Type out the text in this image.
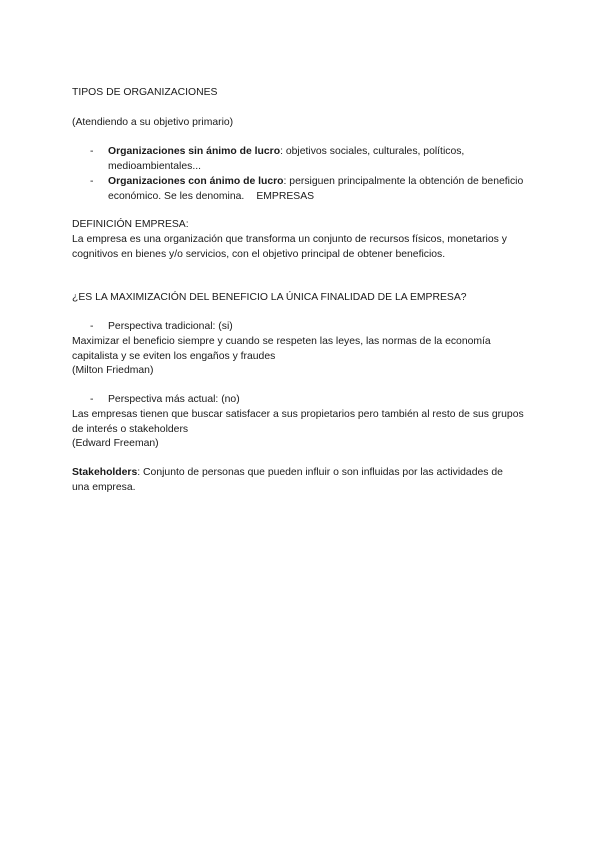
TIPOS DE ORGANIZACIONES

(Atendiendo a su objetivo primario)

- Organizaciones sin ánimo de lucro: objetivos sociales, culturales, políticos, medioambientales...

- Organizaciones con ánimo de lucro: persiguen principalmente la obtención de beneficio económico. Se les denomina. EMPRESAS

DEFINICIÓN EMPRESA:

La empresa es una organización que transforma un conjunto de recursos físicos, monetarios y cognitivos en bienes y/o servicios, con el objetivo principal de obtener beneficios.

¿ES LA MAXIMIZACIÓN DEL BENEFICIO LA ÚNICA FINALIDAD DE LA EMPRESA?

- Perspectiva tradicional: (si)

Maximizar el beneficio siempre y cuando se respeten las leyes, las normas de la economía capitalista y se eviten los engaños y fraudes

(Milton Friedman)

- Perspectiva más actual: (no)

Las empresas tienen que buscar satisfacer a sus propietarios pero también al resto de sus grupos de interés o stakeholders

(Edward Freeman)

Stakeholders: Conjunto de personas que pueden influir o son influidas por las actividades de una empresa.
